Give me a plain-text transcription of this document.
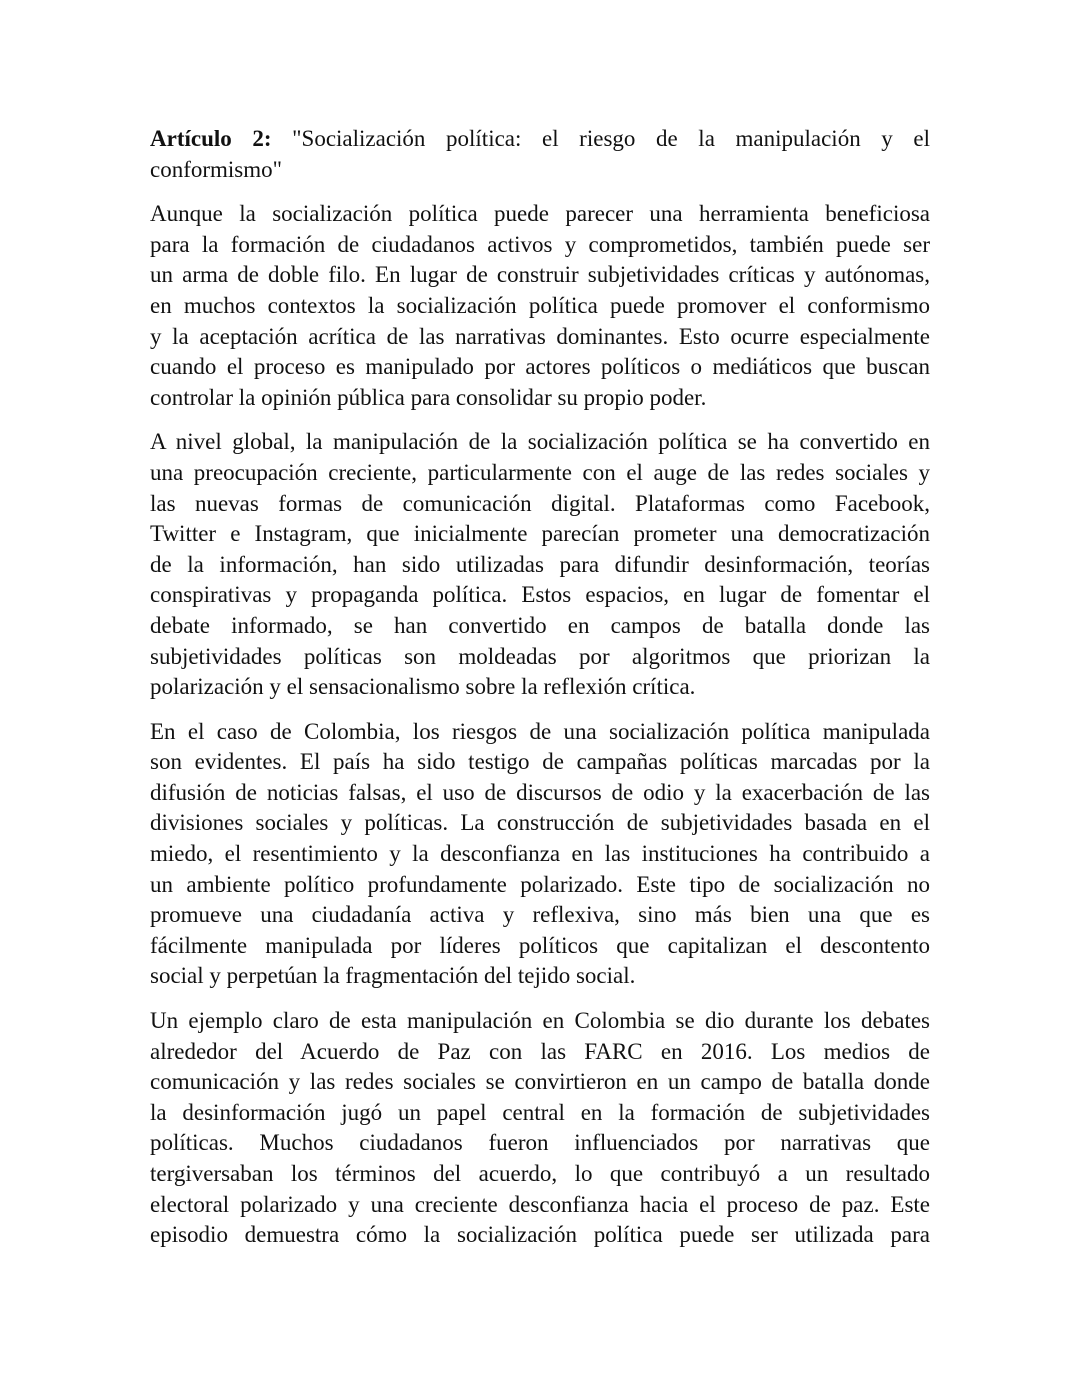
Artículo 2: "Socialización política: el riesgo de la manipulación y el
conformismo"
Aunque la socialización política puede parecer una herramienta beneficiosa
para la formación de ciudadanos activos y comprometidos, también puede ser
un arma de doble filo. En lugar de construir subjetividades críticas y autónomas,
en muchos contextos la socialización política puede promover el conformismo
y la aceptación acrítica de las narrativas dominantes. Esto ocurre especialmente
cuando el proceso es manipulado por actores políticos o mediáticos que buscan
controlar la opinión pública para consolidar su propio poder.
A nivel global, la manipulación de la socialización política se ha convertido en
una preocupación creciente, particularmente con el auge de las redes sociales y
las nuevas formas de comunicación digital. Plataformas como Facebook,
Twitter e Instagram, que inicialmente parecían prometer una democratización
de la información, han sido utilizadas para difundir desinformación, teorías
conspirativas y propaganda política. Estos espacios, en lugar de fomentar el
debate informado, se han convertido en campos de batalla donde las
subjetividades políticas son moldeadas por algoritmos que priorizan la
polarización y el sensacionalismo sobre la reflexión crítica.
En el caso de Colombia, los riesgos de una socialización política manipulada
son evidentes. El país ha sido testigo de campañas políticas marcadas por la
difusión de noticias falsas, el uso de discursos de odio y la exacerbación de las
divisiones sociales y políticas. La construcción de subjetividades basada en el
miedo, el resentimiento y la desconfianza en las instituciones ha contribuido a
un ambiente político profundamente polarizado. Este tipo de socialización no
promueve una ciudadanía activa y reflexiva, sino más bien una que es
fácilmente manipulada por líderes políticos que capitalizan el descontento
social y perpetúan la fragmentación del tejido social.
Un ejemplo claro de esta manipulación en Colombia se dio durante los debates
alrededor del Acuerdo de Paz con las FARC en 2016. Los medios de
comunicación y las redes sociales se convirtieron en un campo de batalla donde
la desinformación jugó un papel central en la formación de subjetividades
políticas. Muchos ciudadanos fueron influenciados por narrativas que
tergiversaban los términos del acuerdo, lo que contribuyó a un resultado
electoral polarizado y una creciente desconfianza hacia el proceso de paz. Este
episodio demuestra cómo la socialización política puede ser utilizada para
